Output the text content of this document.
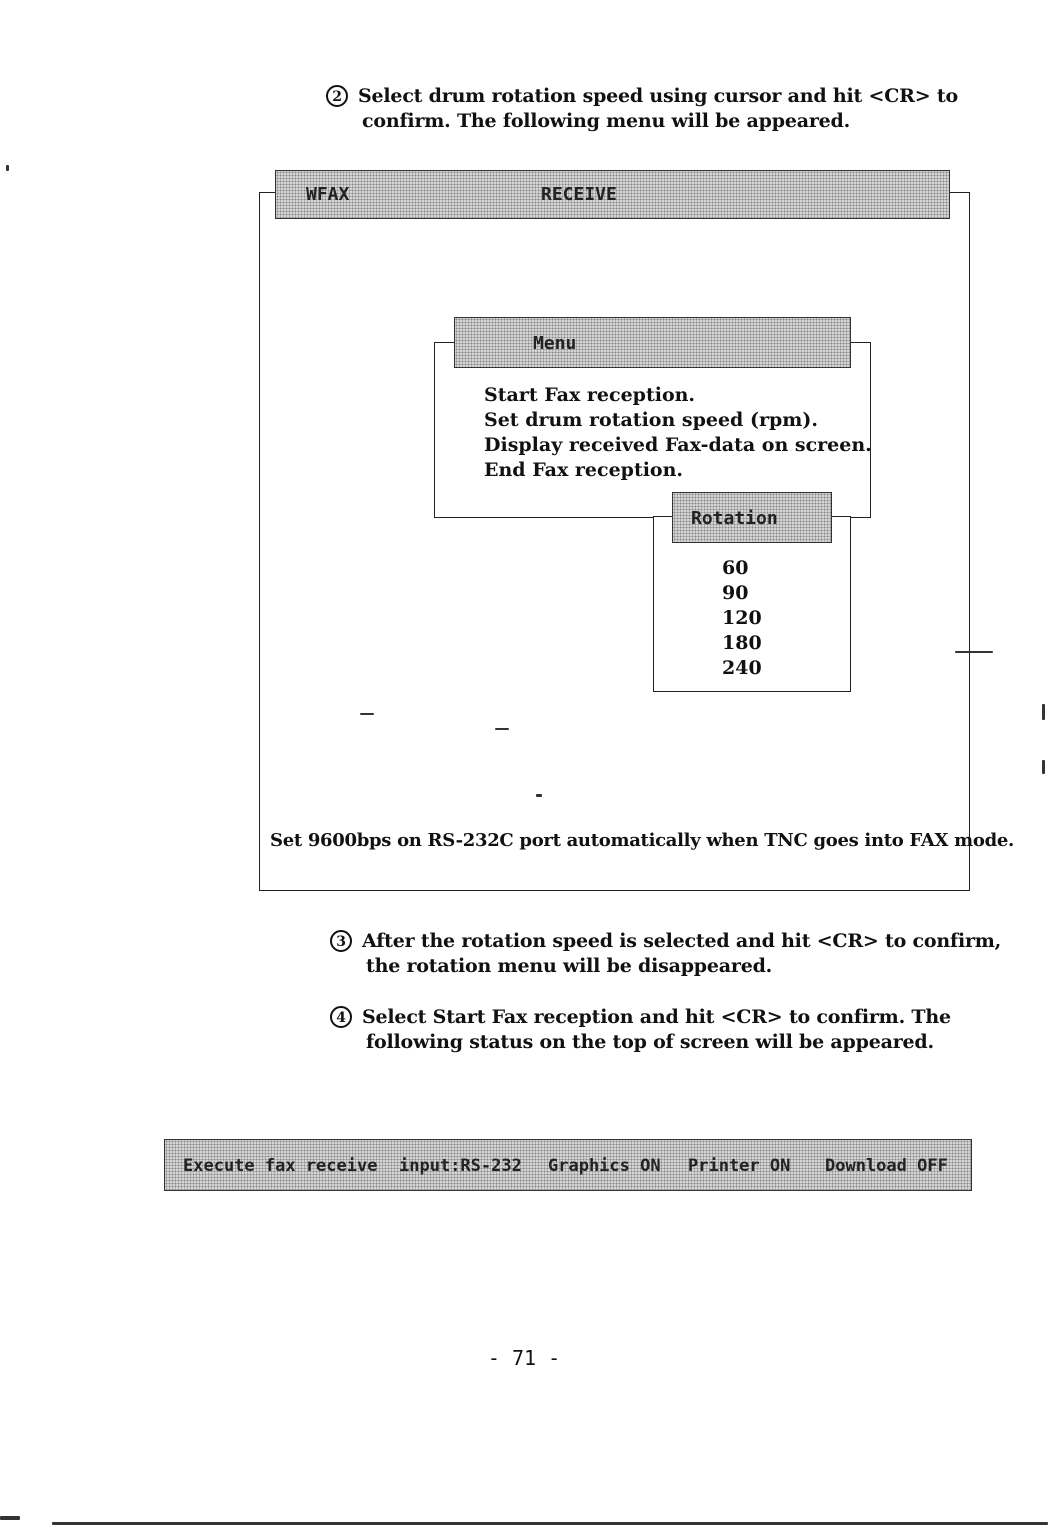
2 Select drum rotation speed using cursor and hit <CR> to
confirm. The following menu will be appeared.
WFAX	RECEIVE
Start Fax reception.
Set drum rotation speed (rpm).
Display received Fax-data on screen.
End Fax reception.
Menu
60
90
120
180
240
Rotation
Set 9600bps on RS-232C port automatically when TNC goes into FAX mode.
3 After the rotation speed is selected and hit <CR> to confirm,
the rotation menu will be disappeared.
4 Select Start Fax reception and hit <CR> to confirm. The
following status on the top of screen will be appeared.
Execute fax receive input:RS-232 Graphics ON Printer ON Download OFF
- 71 -
